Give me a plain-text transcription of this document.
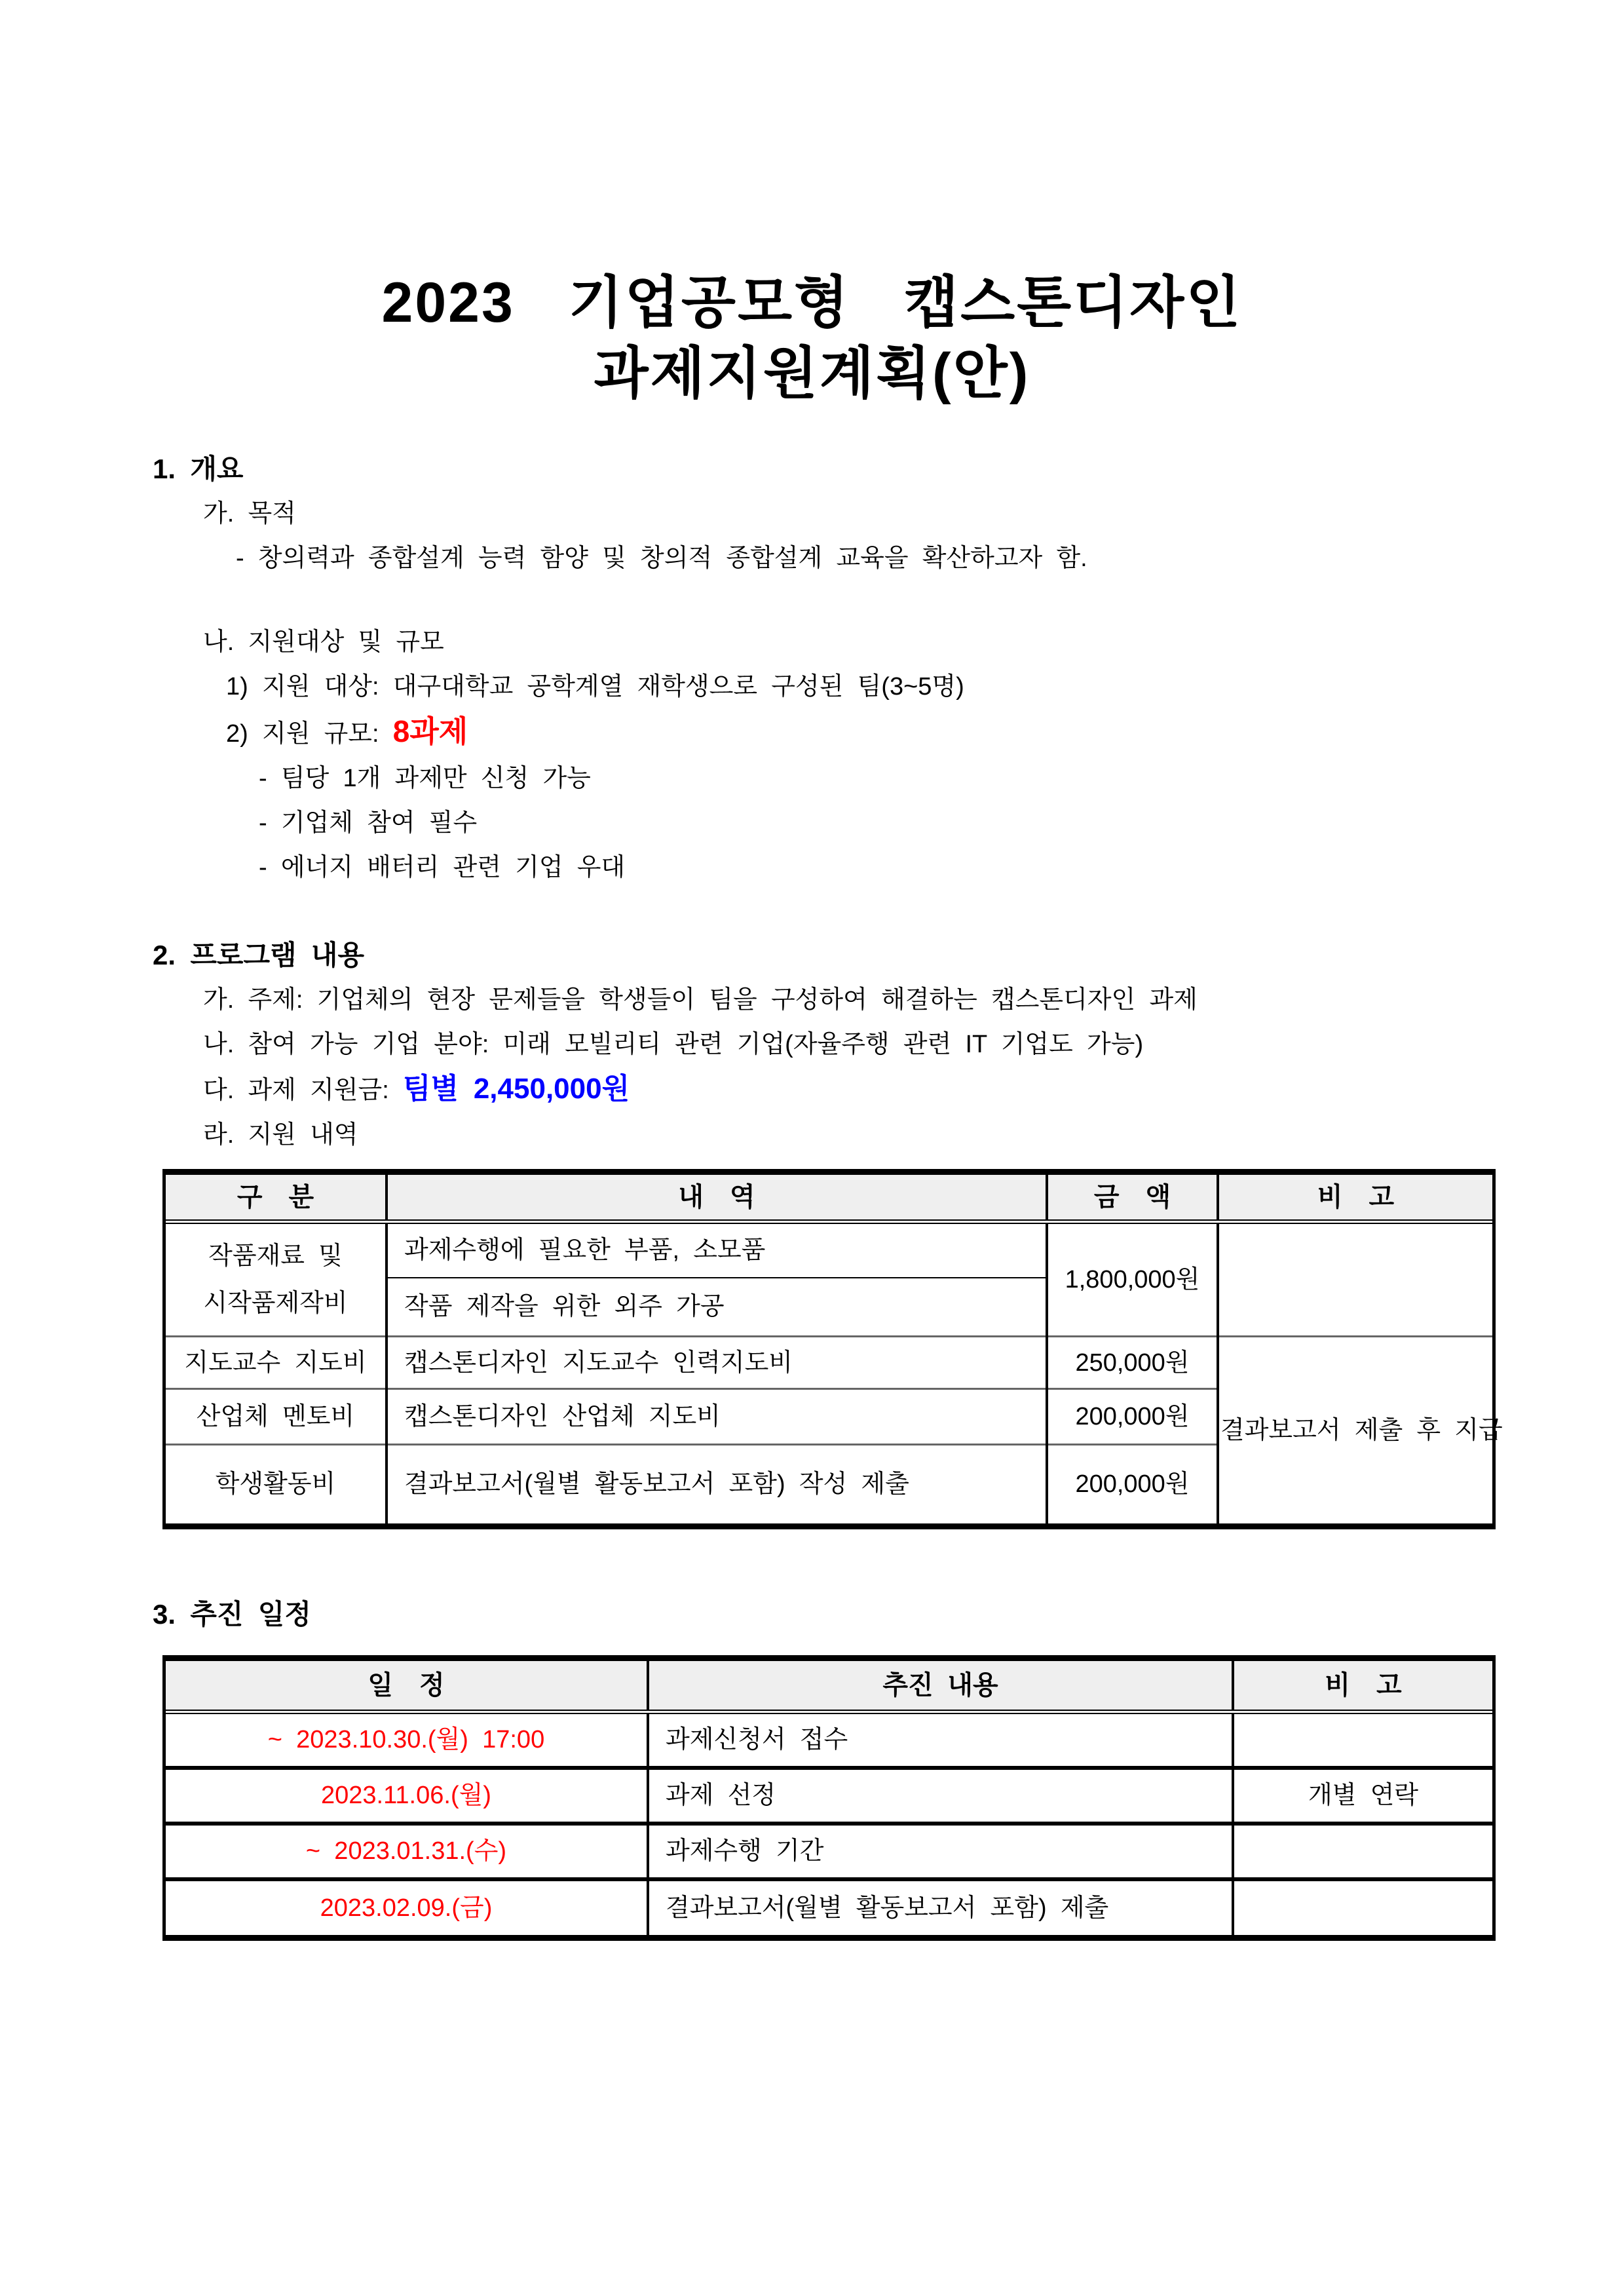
2023 기업공모형 캡스톤디자인
과제지원계획(안)
1. 개요
가. 목적
- 창의력과 종합설계 능력 함양 및 창의적 종합설계 교육을 확산하고자 함.
나. 지원대상 및 규모
1) 지원 대상: 대구대학교 공학계열 재학생으로 구성된 팀(3~5명)
2) 지원 규모: 8과제
- 팀당 1개 과제만 신청 가능
- 기업체 참여 필수
- 에너지 배터리 관련 기업 우대
2. 프로그램 내용
가. 주제: 기업체의 현장 문제들을 학생들이 팀을 구성하여 해결하는 캡스톤디자인 과제
나. 참여 가능 기업 분야: 미래 모빌리티 관련 기업(자율주행 관련 IT 기업도 가능)
다. 과제 지원금: 팀별 2,450,000원
라. 지원 내역
구 분	내 역	금 액	비 고
작품재료 및 시작품제작비	과제수행에 필요한 부품, 소모품	1,800,000원	
	작품 제작을 위한 외주 가공		
지도교수 지도비	캡스톤디자인 지도교수 인력지도비	250,000원	결과보고서 제출 후 지급
산업체 멘토비	캡스톤디자인 산업체 지도비	200,000원	
학생활동비	결과보고서(월별 활동보고서 포함) 작성 제출	200,000원	
3. 추진 일정
일 정	추진 내용	비 고
~ 2023.10.30.(월) 17:00	과제신청서 접수	
2023.11.06.(월)	과제 선정	개별 연락
~ 2023.01.31.(수)	과제수행 기간	
2023.02.09.(금)	결과보고서(월별 활동보고서 포함) 제출	
